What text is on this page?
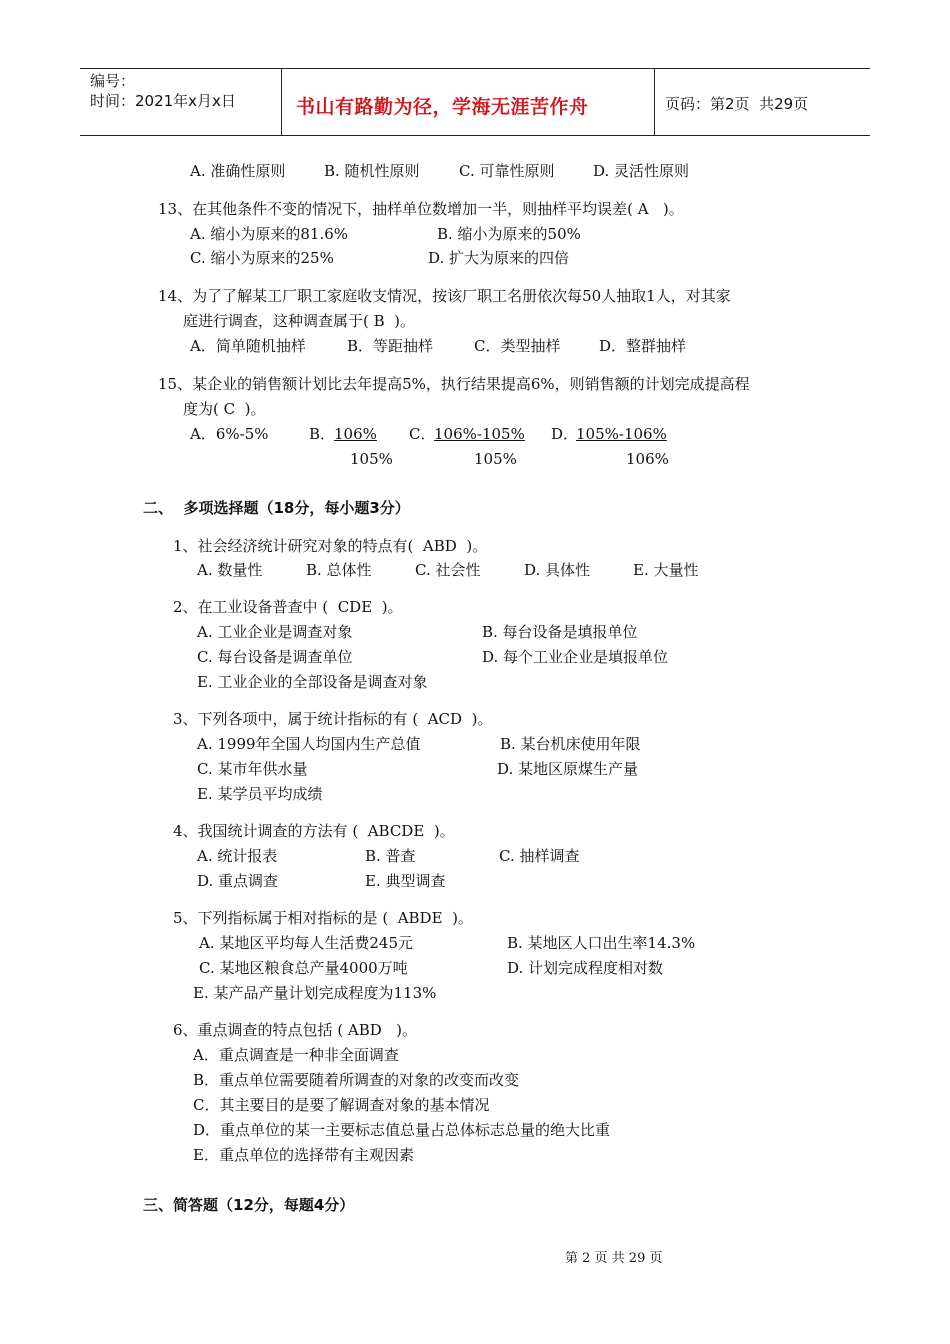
编号：
时间：2021年x月x日	书山有路勤为径，学海无涯苦作舟	页码：第2页  共29页
A. 准确性原则	B. 随机性原则	C. 可靠性原则	D. 灵活性原则
13、在其他条件不变的情况下，抽样单位数增加一半，则抽样平均误差( A   )。
A. 缩小为原来的81.6%	B. 缩小为原来的50%
C. 缩小为原来的25%	D. 扩大为原来的四倍
14、为了了解某工厂职工家庭收支情况，按该厂职工名册依次每50人抽取1人，对其家
庭进行调查，这种调查属于( B  )。
A．简单随机抽样	B．等距抽样	C．类型抽样	D．整群抽样
15、某企业的销售额计划比去年提高5%，执行结果提高6%，则销售额的计划完成提高程
度为( C  )。
A．6%-5%	B．
106%
105%
C．
106%-105%
105%
D．
105%-106%
106%
二、  多项选择题（18分，每小题3分）
1、社会经济统计研究对象的特点有(  ABD  )。
A. 数量性	B. 总体性	C. 社会性	D. 具体性	E. 大量性
2、在工业设备普查中 (  CDE  )。
A. 工业企业是调查对象	B. 每台设备是填报单位
C. 每台设备是调查单位	D. 每个工业企业是填报单位
E. 工业企业的全部设备是调查对象
3、下列各项中，属于统计指标的有 (  ACD  )。
A. 1999年全国人均国内生产总值	B. 某台机床使用年限
C. 某市年供水量	D. 某地区原煤生产量
E. 某学员平均成绩
4、我国统计调查的方法有 (  ABCDE  )。
A. 统计报表	B. 普查	C. 抽样调查
D. 重点调查	E. 典型调查
5、下列指标属于相对指标的是 (  ABDE  )。
A. 某地区平均每人生活费245元	B. 某地区人口出生率14.3%
C. 某地区粮食总产量4000万吨	D. 计划完成程度相对数
E. 某产品产量计划完成程度为113%
6、重点调查的特点包括 ( ABD   )。
A．重点调查是一种非全面调查
B．重点单位需要随着所调查的对象的改变而改变
C．其主要目的是要了解调查对象的基本情况
D．重点单位的某一主要标志值总量占总体标志总量的绝大比重
E．重点单位的选择带有主观因素
三、简答题（12分，每题4分）
第 2 页 共 29 页
